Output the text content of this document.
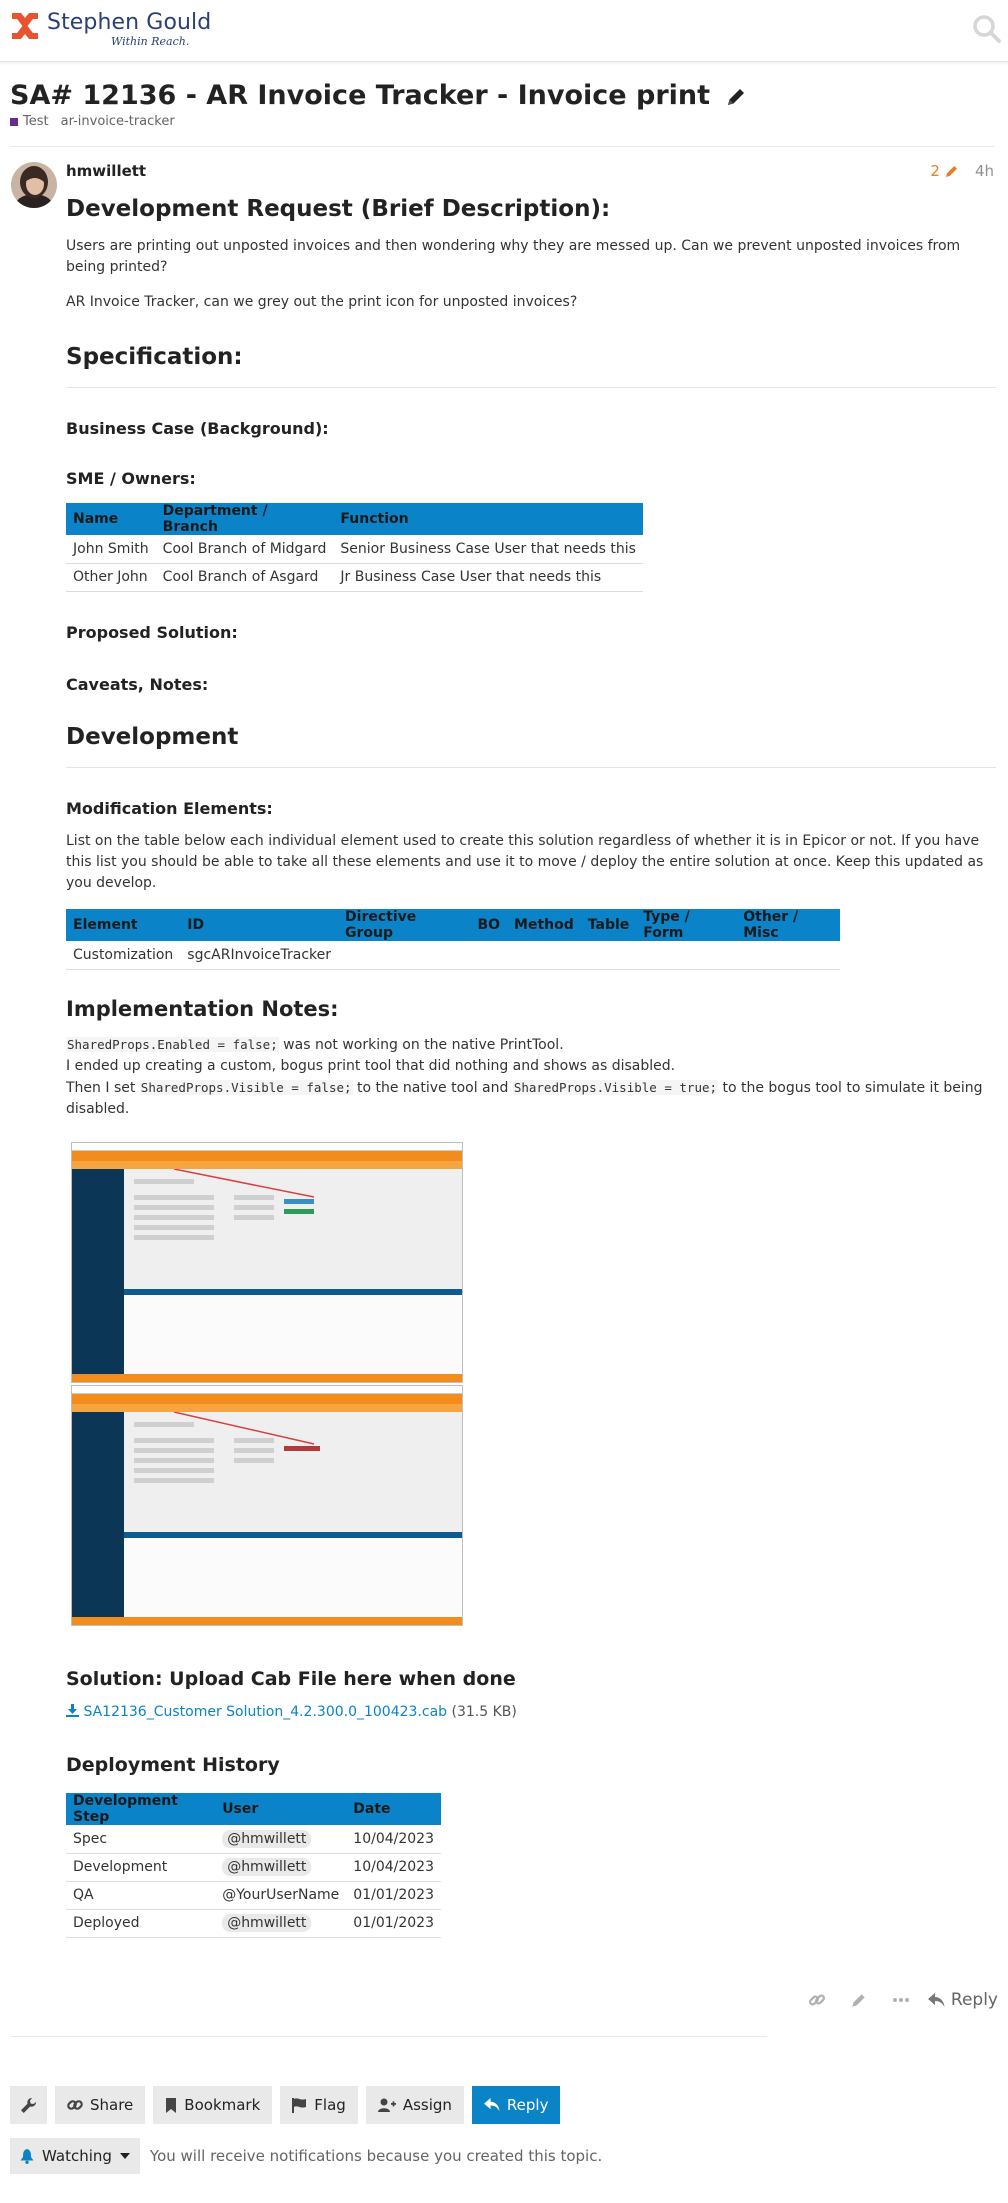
Stephen Gould
Within Reach.
SA# 12136 - AR Invoice Tracker - Invoice print
Test ar-invoice-tracker
hmwillett	2 4h
Development Request (Brief Description):
Users are printing out unposted invoices and then wondering why they are messed up. Can we prevent unposted invoices from being printed?
AR Invoice Tracker, can we grey out the print icon for unposted invoices?
Specification:
Business Case (Background):
SME / Owners:
Name	Department / Branch	Function
John Smith	Cool Branch of Midgard	Senior Business Case User that needs this
Other John	Cool Branch of Asgard	Jr Business Case User that needs this
Proposed Solution:
Caveats, Notes:
Development
Modification Elements:
List on the table below each individual element used to create this solution regardless of whether it is in Epicor or not. If you have this list you should be able to take all these elements and use it to move / deploy the entire solution at once. Keep this updated as you develop.
Element	ID	Directive Group	BO	Method	Table	Type / Form	Other / Misc
Customization	sgcARInvoiceTracker						
Implementation Notes:
SharedProps.Enabled = false; was not working on the native PrintTool.
I ended up creating a custom, bogus print tool that did nothing and shows as disabled.
Then I set SharedProps.Visible = false; to the native tool and SharedProps.Visible = true; to the bogus tool to simulate it being disabled.
Solution: Upload Cab File here when done
SA12136_Customer Solution_4.2.300.0_100423.cab (31.5 KB)
Deployment History
Development Step	User	Date
Spec	@hmwillett	10/04/2023
Development	@hmwillett	10/04/2023
QA	@YourUserName	01/01/2023
Deployed	@hmwillett	01/01/2023
Reply
Share	Bookmark	Flag	Assign	Reply
Watching	You will receive notifications because you created this topic.
